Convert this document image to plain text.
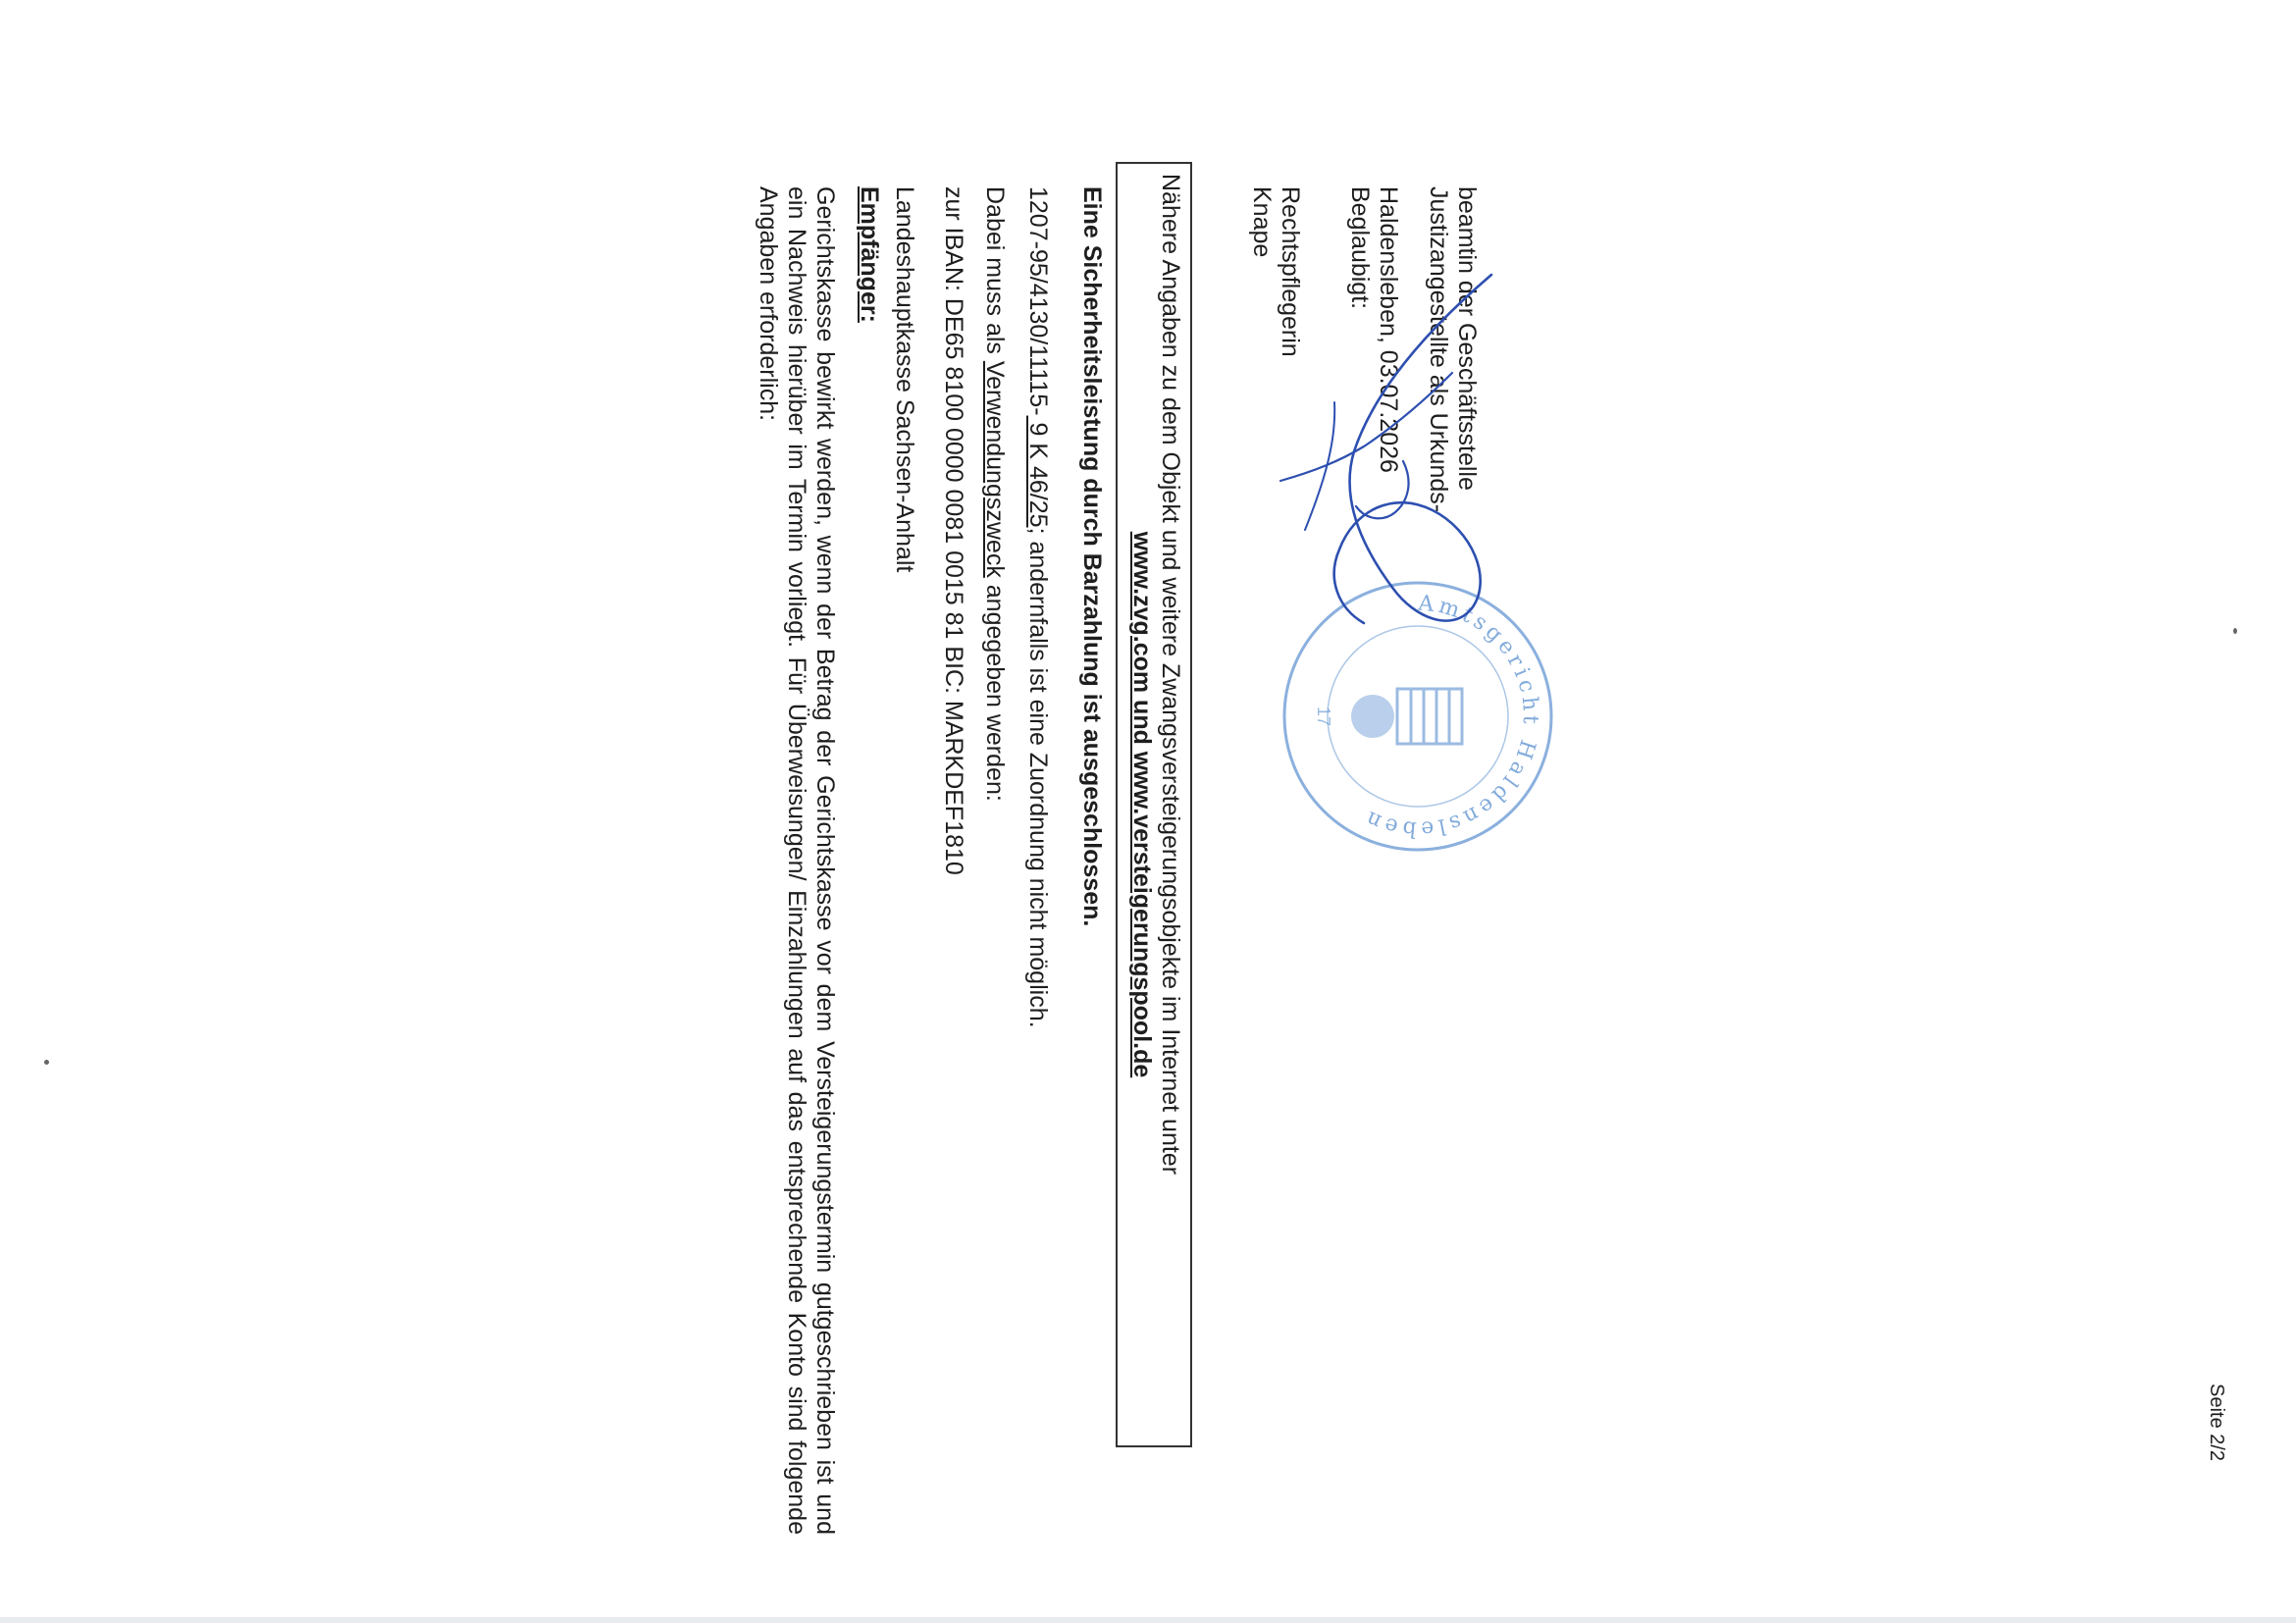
Gerichtskasse bewirkt werden, wenn der Betrag der Gerichtskasse vor dem Versteigerungstermin gutgeschrieben ist und ein Nachweis hierüber im Termin vorliegt. Für Überweisungen/ Einzahlungen auf das entsprechende Konto sind folgende Angaben erforderlich:	Empfänger: Landeshauptkasse Sachsen-Anhalt zur IBAN: DE65 8100 0000 0081 0015 81 BIC: MARKDEF1810 Dabei muss als Verwendungszweck angegeben werden:
1207-95/4130/11115- 9 K 46/25; andernfalls ist eine Zuordnung nicht möglich. Eine Sicherheitsleistung durch Barzahlung ist ausgeschlossen. Nähere Angaben zu dem Objekt und weitere Zwangsversteigerungsobjekte im Internet unter
www.zvg.com und www.versteigerungspool.de
Knape Rechtspflegerin Beglaubigt: Haldensleben, 03.07.2026 Justizangestellte als Urkunds- beamtin der Geschäftsstelle
Amtsgericht Haldensleben
17
Seite 2/2
